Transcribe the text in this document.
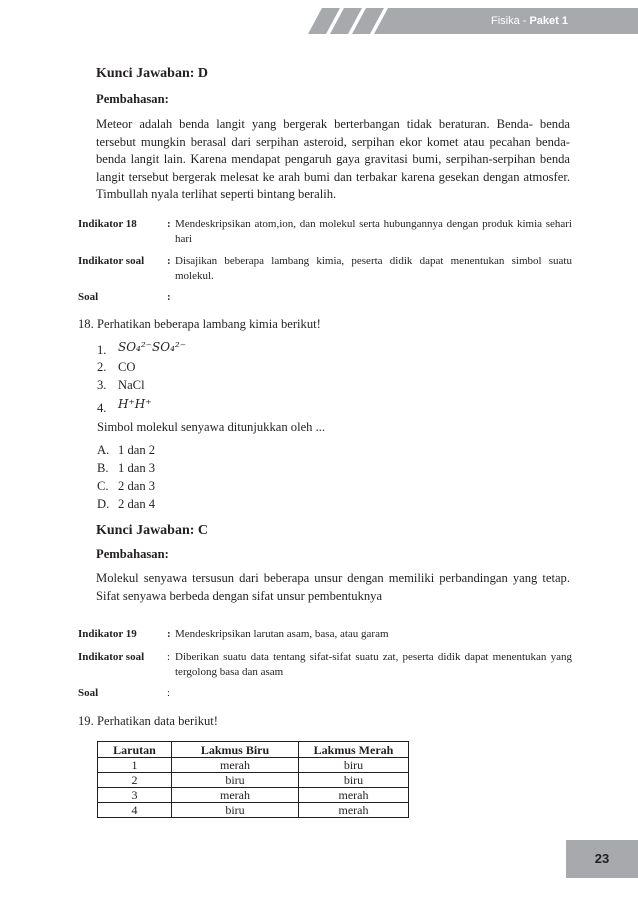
Fisika - Paket 1
Kunci Jawaban: D
Pembahasan:

Meteor adalah benda langit yang bergerak berterbangan tidak beraturan. Benda- benda tersebut mungkin berasal dari serpihan asteroid, serpihan ekor komet atau pecahan benda-benda langit lain. Karena mendapat pengaruh gaya gravitasi bumi, serpihan-serpihan benda langit tersebut bergerak melesat ke arah bumi dan terbakar karena gesekan dengan atmosfer. Timbullah nyala terlihat seperti bintang beralih.

Indikator 18	: Mendeskripsikan atom,ion, dan molekul serta hubungannya dengan produk kimia sehari hari
Indikator soal : Disajikan beberapa lambang kimia, peserta didik dapat menentukan simbol suatu molekul.
Soal	:
18. Perhatikan beberapa lambang kimia berikut!
1. SO₄²⁻SO₄²⁻
2. CO
3. NaCl
4. H⁺H⁺
Simbol molekul senyawa ditunjukkan oleh ...
A. 1 dan 2
B. 1 dan 3
C. 2 dan 3
D. 2 dan 4
Kunci Jawaban: C
Pembahasan:

Molekul senyawa tersusun dari beberapa unsur dengan memiliki perbandingan yang tetap. Sifat senyawa berbeda dengan sifat unsur pembentuknya

Indikator 19	: Mendeskripsikan larutan asam, basa, atau garam
Indikator soal : Diberikan suatu data tentang sifat-sifat suatu zat, peserta didik dapat menentukan yang tergolong basa dan asam
Soal	:
19. Perhatikan data berikut!
Larutan	Lakmus Biru	Lakmus Merah
1	merah	biru
2	biru	biru
3	merah	merah
4	biru	merah
23
